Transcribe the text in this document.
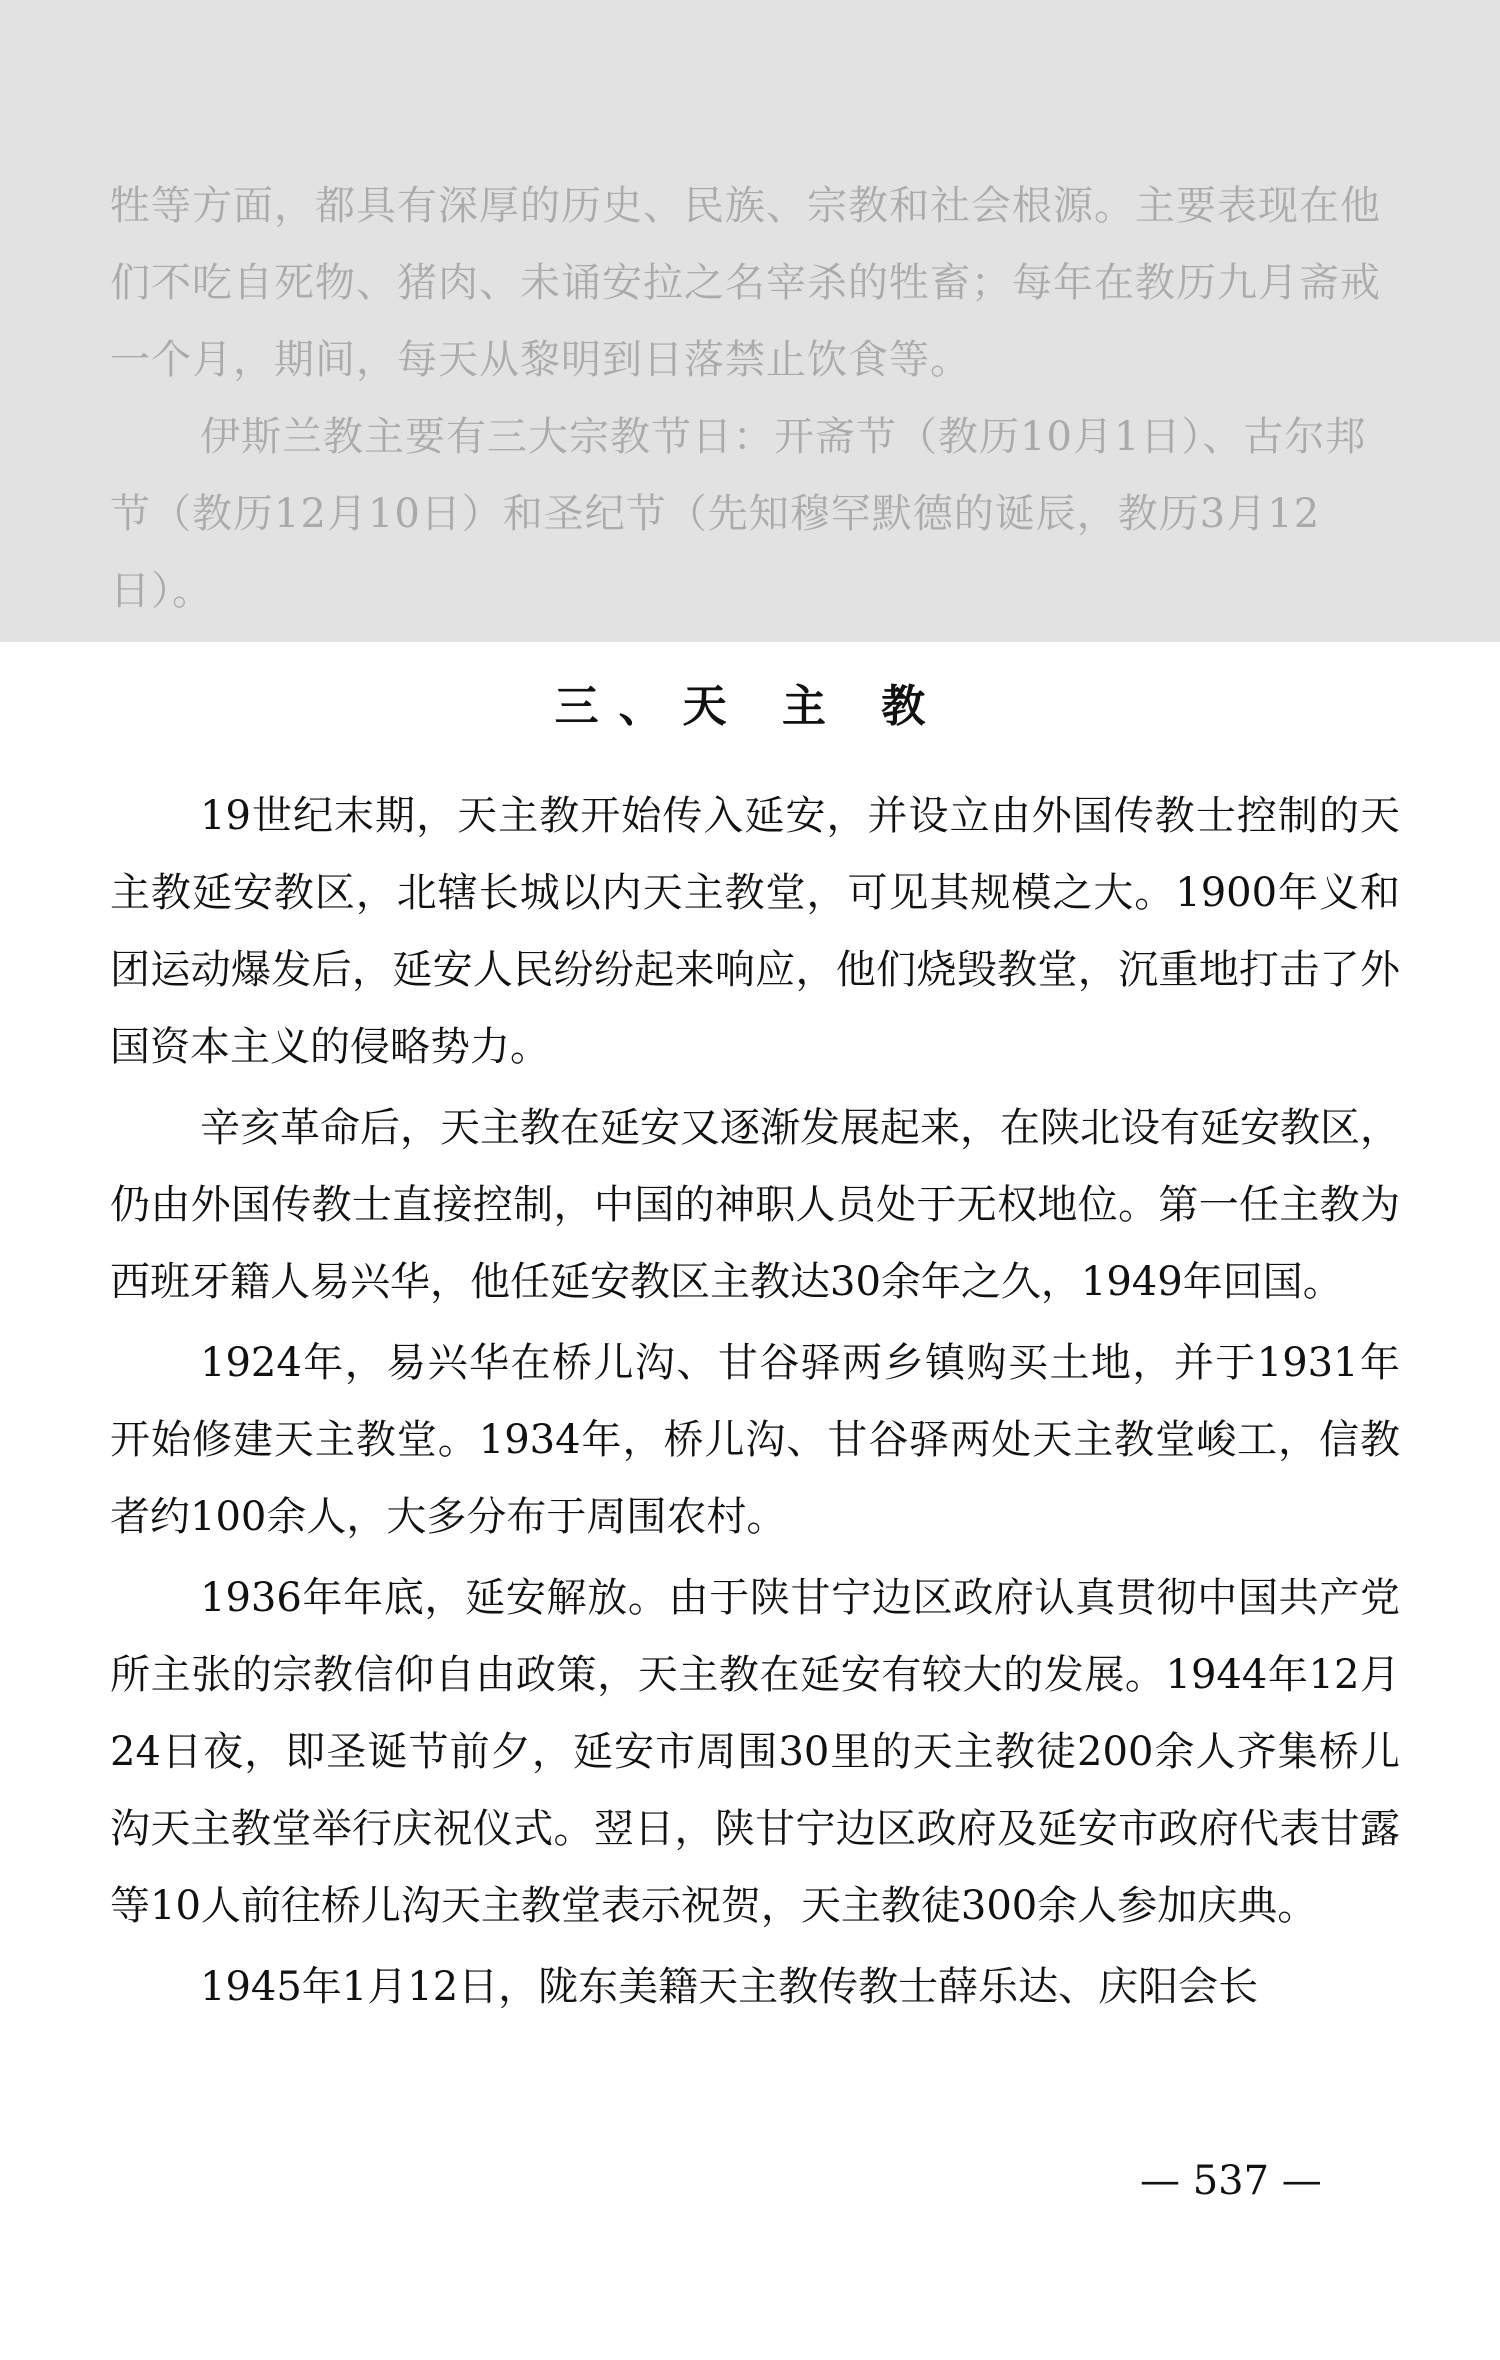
牲等方面，都具有深厚的历史、民族、宗教和社会根源。主要表现在他们不吃自死物、猪肉、未诵安拉之名宰杀的牲畜；每年在教历九月斋戒一个月，期间，每天从黎明到日落禁止饮食等。

伊斯兰教主要有三大宗教节日：开斋节（教历10月1日）、古尔邦节（教历12月10日）和圣纪节（先知穆罕默德的诞辰，教历3月12日）。

三、天 主 教

19世纪末期，天主教开始传入延安，并设立由外国传教士控制的天主教延安教区，北辖长城以内天主教堂，可见其规模之大。1900年义和团运动爆发后，延安人民纷纷起来响应，他们烧毁教堂，沉重地打击了外国资本主义的侵略势力。

辛亥革命后，天主教在延安又逐渐发展起来，在陕北设有延安教区，仍由外国传教士直接控制，中国的神职人员处于无权地位。第一任主教为西班牙籍人易兴华，他任延安教区主教达30余年之久，1949年回国。

1924年，易兴华在桥儿沟、甘谷驿两乡镇购买土地，并于1931年开始修建天主教堂。1934年，桥儿沟、甘谷驿两处天主教堂峻工，信教者约100余人，大多分布于周围农村。

1936年年底，延安解放。由于陕甘宁边区政府认真贯彻中国共产党所主张的宗教信仰自由政策，天主教在延安有较大的发展。1944年12月24日夜，即圣诞节前夕，延安市周围30里的天主教徒200余人齐集桥儿沟天主教堂举行庆祝仪式。翌日，陕甘宁边区政府及延安市政府代表甘露等10人前往桥儿沟天主教堂表示祝贺，天主教徒300余人参加庆典。

1945年1月12日，陇东美籍天主教传教士薛乐达、庆阳会长

— 537 —
